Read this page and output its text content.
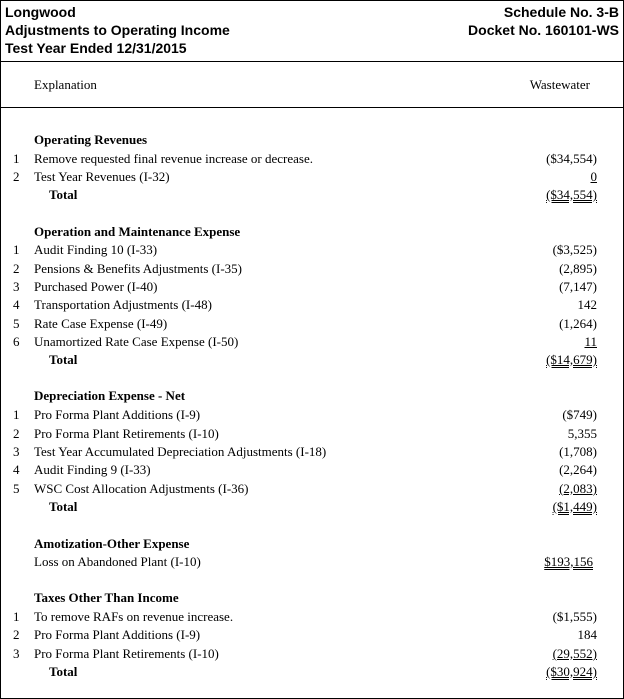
Longwood	Schedule No. 3-B
Adjustments to Operating Income	Docket No. 160101-WS
Test Year Ended 12/31/2015
Explanation	Wastewater
Operating Revenues
1 Remove requested final revenue increase or decrease.	($34,554)
2 Test Year Revenues (I-32)	0
Total	($34,554)
Operation and Maintenance Expense
1 Audit Finding 10 (I-33)	($3,525)
2 Pensions & Benefits Adjustments (I-35)	(2,895)
3 Purchased Power (I-40)	(7,147)
4 Transportation Adjustments (I-48)	142
5 Rate Case Expense (I-49)	(1,264)
6 Unamortized Rate Case Expense (I-50)	11
Total	($14,679)
Depreciation Expense - Net
1 Pro Forma Plant Additions (I-9)	($749)
2 Pro Forma Plant Retirements (I-10)	5,355
3 Test Year Accumulated Depreciation Adjustments (I-18)	(1,708)
4 Audit Finding 9 (I-33)	(2,264)
5 WSC Cost Allocation Adjustments (I-36)	(2,083)
Total	($1,449)
Amotization-Other Expense
Loss on Abandoned Plant (I-10)	$193,156
Taxes Other Than Income
1 To remove RAFs on revenue increase.	($1,555)
2 Pro Forma Plant Additions (I-9)	184
3 Pro Forma Plant Retirements (I-10)	(29,552)
Total	($30,924)
